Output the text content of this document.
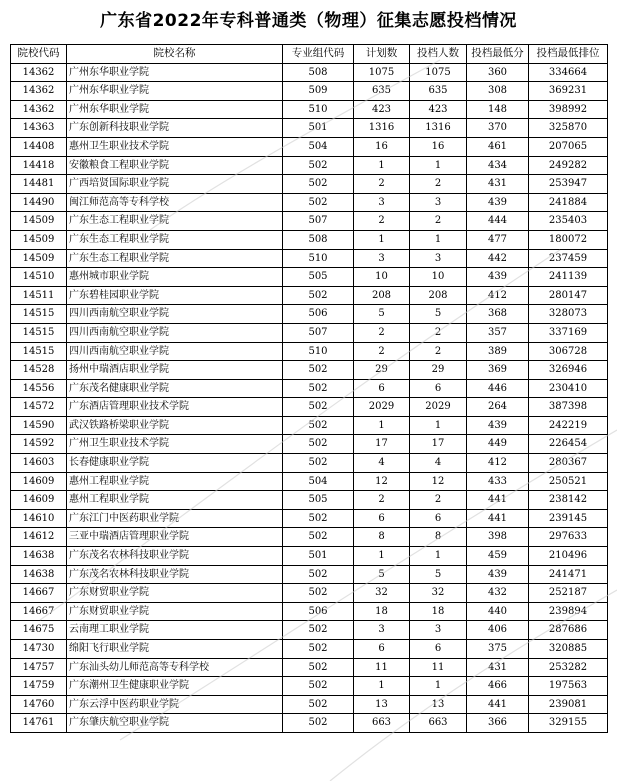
广东省2022年专科普通类（物理）征集志愿投档情况
院校代码	院校名称	专业组代码	计划数	投档人数	投档最低分	投档最低排位
14362	广州东华职业学院	508	1075	1075	360	334664
14362	广州东华职业学院	509	635	635	308	369231
14362	广州东华职业学院	510	423	423	148	398992
14363	广东创新科技职业学院	501	1316	1316	370	325870
14408	惠州卫生职业技术学院	504	16	16	461	207065
14418	安徽粮食工程职业学院	502	1	1	434	249282
14481	广西培贤国际职业学院	502	2	2	431	253947
14490	闽江师范高等专科学校	502	3	3	439	241884
14509	广东生态工程职业学院	507	2	2	444	235403
14509	广东生态工程职业学院	508	1	1	477	180072
14509	广东生态工程职业学院	510	3	3	442	237459
14510	惠州城市职业学院	505	10	10	439	241139
14511	广东碧桂园职业学院	502	208	208	412	280147
14515	四川西南航空职业学院	506	5	5	368	328073
14515	四川西南航空职业学院	507	2	2	357	337169
14515	四川西南航空职业学院	510	2	2	389	306728
14528	扬州中瑞酒店职业学院	502	29	29	369	326946
14556	广东茂名健康职业学院	502	6	6	446	230410
14572	广东酒店管理职业技术学院	502	2029	2029	264	387398
14590	武汉铁路桥梁职业学院	502	1	1	439	242219
14592	广州卫生职业技术学院	502	17	17	449	226454
14603	长春健康职业学院	502	4	4	412	280367
14609	惠州工程职业学院	504	12	12	433	250521
14609	惠州工程职业学院	505	2	2	441	238142
14610	广东江门中医药职业学院	502	6	6	441	239145
14612	三亚中瑞酒店管理职业学院	502	8	8	398	297633
14638	广东茂名农林科技职业学院	501	1	1	459	210496
14638	广东茂名农林科技职业学院	502	5	5	439	241471
14667	广东财贸职业学院	502	32	32	432	252187
14667	广东财贸职业学院	506	18	18	440	239894
14675	云南理工职业学院	502	3	3	406	287686
14730	绵阳飞行职业学院	502	6	6	375	320885
14757	广东汕头幼儿师范高等专科学校	502	11	11	431	253282
14759	广东潮州卫生健康职业学院	502	1	1	466	197563
14760	广东云浮中医药职业学院	502	13	13	441	239081
14761	广东肇庆航空职业学院	502	663	663	366	329155
